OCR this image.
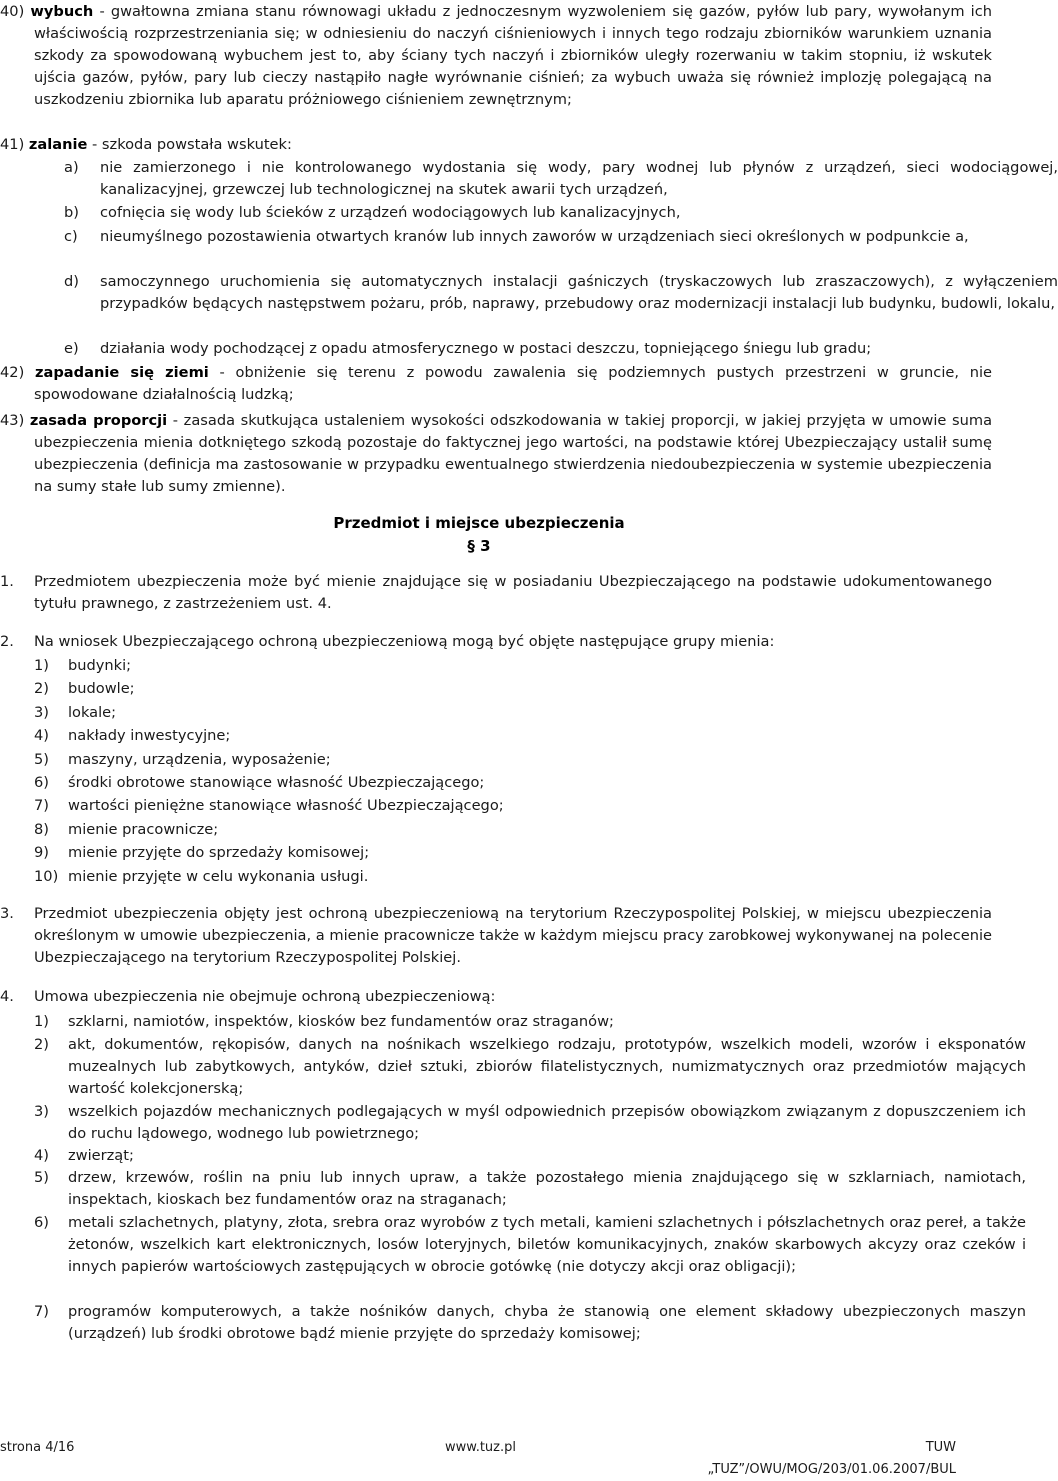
40) wybuch - gwałtowna zmiana stanu równowagi układu z jednoczesnym wyzwoleniem się gazów, pyłów lub pary, wywołanym ich właściwością rozprzestrzeniania się; w odniesieniu do naczyń ciśnieniowych i innych tego rodzaju zbiorników warunkiem uznania szkody za spowodowaną wybuchem jest to, aby ściany tych naczyń i zbiorników uległy rozerwaniu w takim stopniu, iż wskutek ujścia gazów, pyłów, pary lub cieczy nastąpiło nagłe wyrównanie ciśnień; za wybuch uważa się również implozję polegającą na uszkodzeniu zbiornika lub aparatu próżniowego ciśnieniem zewnętrznym;

41) zalanie - szkoda powstała wskutek:

a) nie zamierzonego i nie kontrolowanego wydostania się wody, pary wodnej lub płynów z urządzeń, sieci wodociągowej, kanalizacyjnej, grzewczej lub technologicznej na skutek awarii tych urządzeń,

b) cofnięcia się wody lub ścieków z urządzeń wodociągowych lub kanalizacyjnych,

c) nieumyślnego pozostawienia otwartych kranów lub innych zaworów w urządzeniach sieci określonych w podpunkcie a,

d) samoczynnego uruchomienia się automatycznych instalacji gaśniczych (tryskaczowych lub zraszaczowych), z wyłączeniem przypadków będących następstwem pożaru, prób, naprawy, przebudowy oraz modernizacji instalacji lub budynku, budowli, lokalu,

e) działania wody pochodzącej z opadu atmosferycznego w postaci deszczu, topniejącego śniegu lub gradu;

42) zapadanie się ziemi - obniżenie się terenu z powodu zawalenia się podziemnych pustych przestrzeni w gruncie, nie spowodowane działalnością ludzką;

43) zasada proporcji - zasada skutkująca ustaleniem wysokości odszkodowania w takiej proporcji, w jakiej przyjęta w umowie suma ubezpieczenia mienia dotkniętego szkodą pozostaje do faktycznej jego wartości, na podstawie której Ubezpieczający ustalił sumę ubezpieczenia (definicja ma zastosowanie w przypadku ewentualnego stwierdzenia niedoubezpieczenia w systemie ubezpieczenia na sumy stałe lub sumy zmienne).

Przedmiot i miejsce ubezpieczenia

§ 3

1. Przedmiotem ubezpieczenia może być mienie znajdujące się w posiadaniu Ubezpieczającego na podstawie udokumentowanego tytułu prawnego, z zastrzeżeniem ust. 4.

2. Na wniosek Ubezpieczającego ochroną ubezpieczeniową mogą być objęte następujące grupy mienia:

1) budynki;

2) budowle;

3) lokale;

4) nakłady inwestycyjne;

5) maszyny, urządzenia, wyposażenie;

6) środki obrotowe stanowiące własność Ubezpieczającego;

7) wartości pieniężne stanowiące własność Ubezpieczającego;

8) mienie pracownicze;

9) mienie przyjęte do sprzedaży komisowej;

10) mienie przyjęte w celu wykonania usługi.

3. Przedmiot ubezpieczenia objęty jest ochroną ubezpieczeniową na terytorium Rzeczypospolitej Polskiej, w miejscu ubezpieczenia określonym w umowie ubezpieczenia, a mienie pracownicze także w każdym miejscu pracy zarobkowej wykonywanej na polecenie Ubezpieczającego na terytorium Rzeczypospolitej Polskiej.

4. Umowa ubezpieczenia nie obejmuje ochroną ubezpieczeniową:

1) szklarni, namiotów, inspektów, kiosków bez fundamentów oraz straganów;

2) akt, dokumentów, rękopisów, danych na nośnikach wszelkiego rodzaju, prototypów, wszelkich modeli, wzorów i eksponatów muzealnych lub zabytkowych, antyków, dzieł sztuki, zbiorów filatelistycznych, numizmatycznych oraz przedmiotów mających wartość kolekcjonerską;

3) wszelkich pojazdów mechanicznych podlegających w myśl odpowiednich przepisów obowiązkom związanym z dopuszczeniem ich do ruchu lądowego, wodnego lub powietrznego;

4) zwierząt;

5) drzew, krzewów, roślin na pniu lub innych upraw, a także pozostałego mienia znajdującego się w szklarniach, namiotach, inspektach, kioskach bez fundamentów oraz na straganach;

6) metali szlachetnych, platyny, złota, srebra oraz wyrobów z tych metali, kamieni szlachetnych i półszlachetnych oraz pereł, a także żetonów, wszelkich kart elektronicznych, losów loteryjnych, biletów komunikacyjnych, znaków skarbowych akcyzy oraz czeków i innych papierów wartościowych zastępujących w obrocie gotówkę (nie dotyczy akcji oraz obligacji);

7) programów komputerowych, a także nośników danych, chyba że stanowią one element składowy ubezpieczonych maszyn (urządzeń) lub środki obrotowe bądź mienie przyjęte do sprzedaży komisowej;

strona 4/16	www.tuz.pl	TUW „TUZ”/OWU/MOG/203/01.06.2007/BUL
